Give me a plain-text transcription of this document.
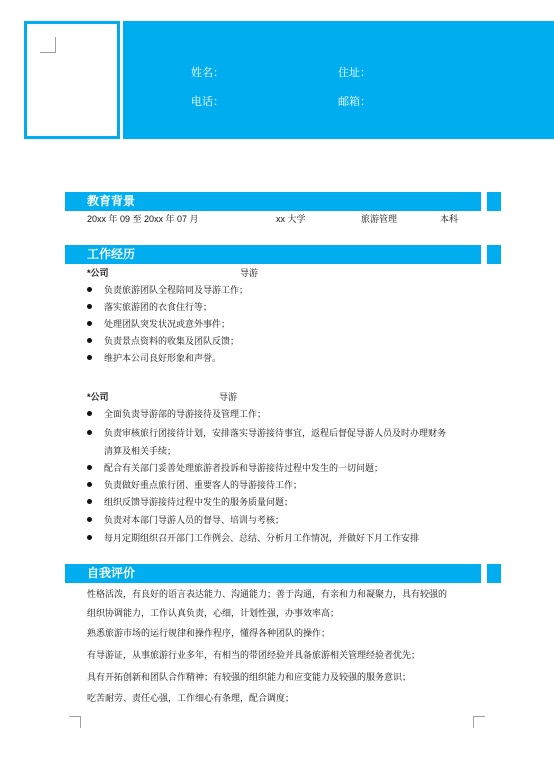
姓名：	住址：
电话：	邮箱：
教育背景
20xx 年 09 至 20xx 年 07 月	xx 大学	旅游管理	本科
工作经历
*公司	导游
负责旅游团队全程陪同及导游工作；
落实旅游团的衣食住行等；
处理团队突发状况或意外事件；
负责景点资料的收集及团队反馈；
维护本公司良好形象和声誉。
*公司	导游
全面负责导游部的导游接待及管理工作；
负责审核旅行团接待计划，安排落实导游接待事宜，返程后督促导游人员及时办理财务
清算及相关手续；
配合有关部门妥善处理旅游者投诉和导游接待过程中发生的一切问题；
负责做好重点旅行团、重要客人的导游接待工作；
组织反馈导游接待过程中发生的服务质量问题；
负责对本部门导游人员的督导、培训与考核；
每月定期组织召开部门工作例会、总结、分析月工作情况，并做好下月工作安排
自我评价
性格活泼，有良好的语言表达能力、沟通能力；善于沟通，有亲和力和凝聚力，具有较强的
组织协调能力，工作认真负责，心细，计划性强，办事效率高；
熟悉旅游市场的运行规律和操作程序，懂得各种团队的操作；
有导游证，从事旅游行业多年，有相当的带团经验并具备旅游相关管理经验者优先；
具有开拓创新和团队合作精神；有较强的组织能力和应变能力及较强的服务意识；
吃苦耐劳、责任心强，工作细心有条理，配合调度；
